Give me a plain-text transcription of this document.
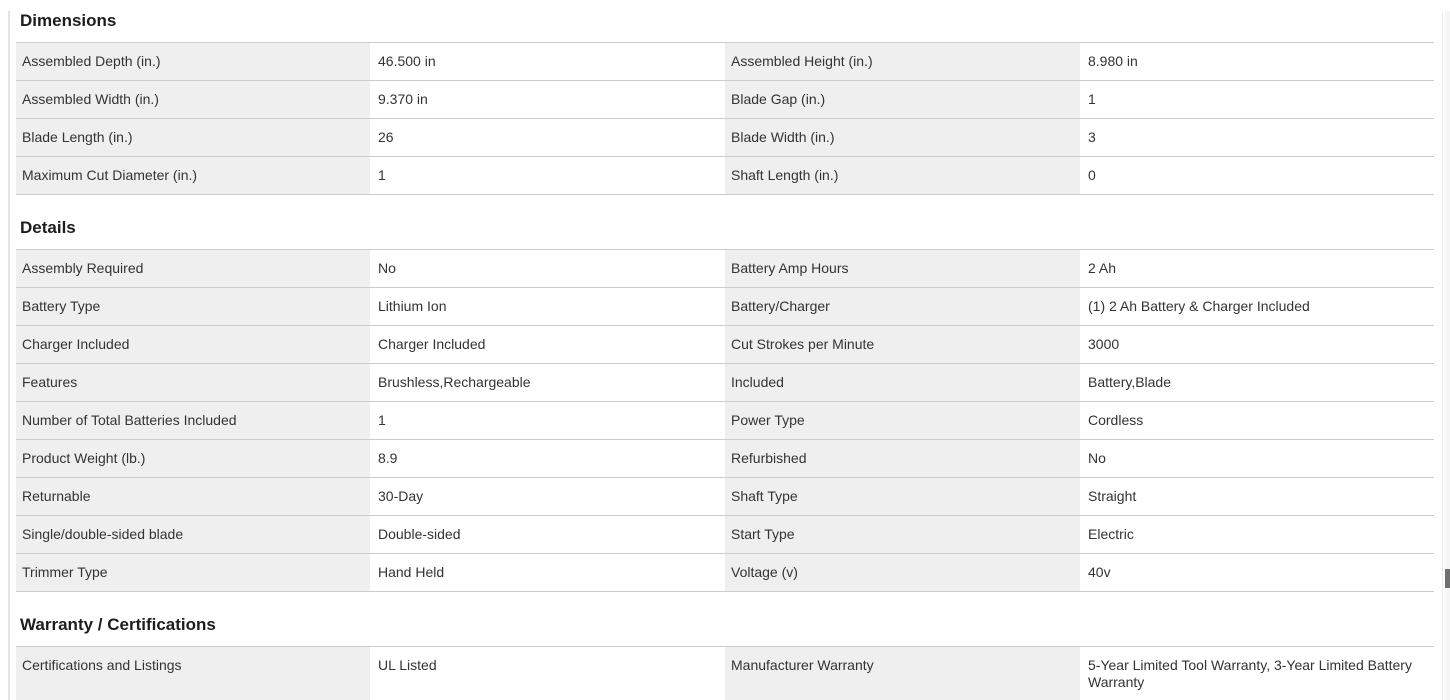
Dimensions
Assembled Depth (in.)	46.500 in	Assembled Height (in.)	8.980 in
Assembled Width (in.)	9.370 in	Blade Gap (in.)	1
Blade Length (in.)	26	Blade Width (in.)	3
Maximum Cut Diameter (in.)	1	Shaft Length (in.)	0
Details
Assembly Required	No	Battery Amp Hours	2 Ah
Battery Type	Lithium Ion	Battery/Charger	(1) 2 Ah Battery & Charger Included
Charger Included	Charger Included	Cut Strokes per Minute	3000
Features	Brushless,Rechargeable	Included	Battery,Blade
Number of Total Batteries Included	1	Power Type	Cordless
Product Weight (lb.)	8.9	Refurbished	No
Returnable	30-Day	Shaft Type	Straight
Single/double-sided blade	Double-sided	Start Type	Electric
Trimmer Type	Hand Held	Voltage (v)	40v
Warranty / Certifications
Certifications and Listings	UL Listed	Manufacturer Warranty	5-Year Limited Tool Warranty, 3-Year Limited Battery Warranty
